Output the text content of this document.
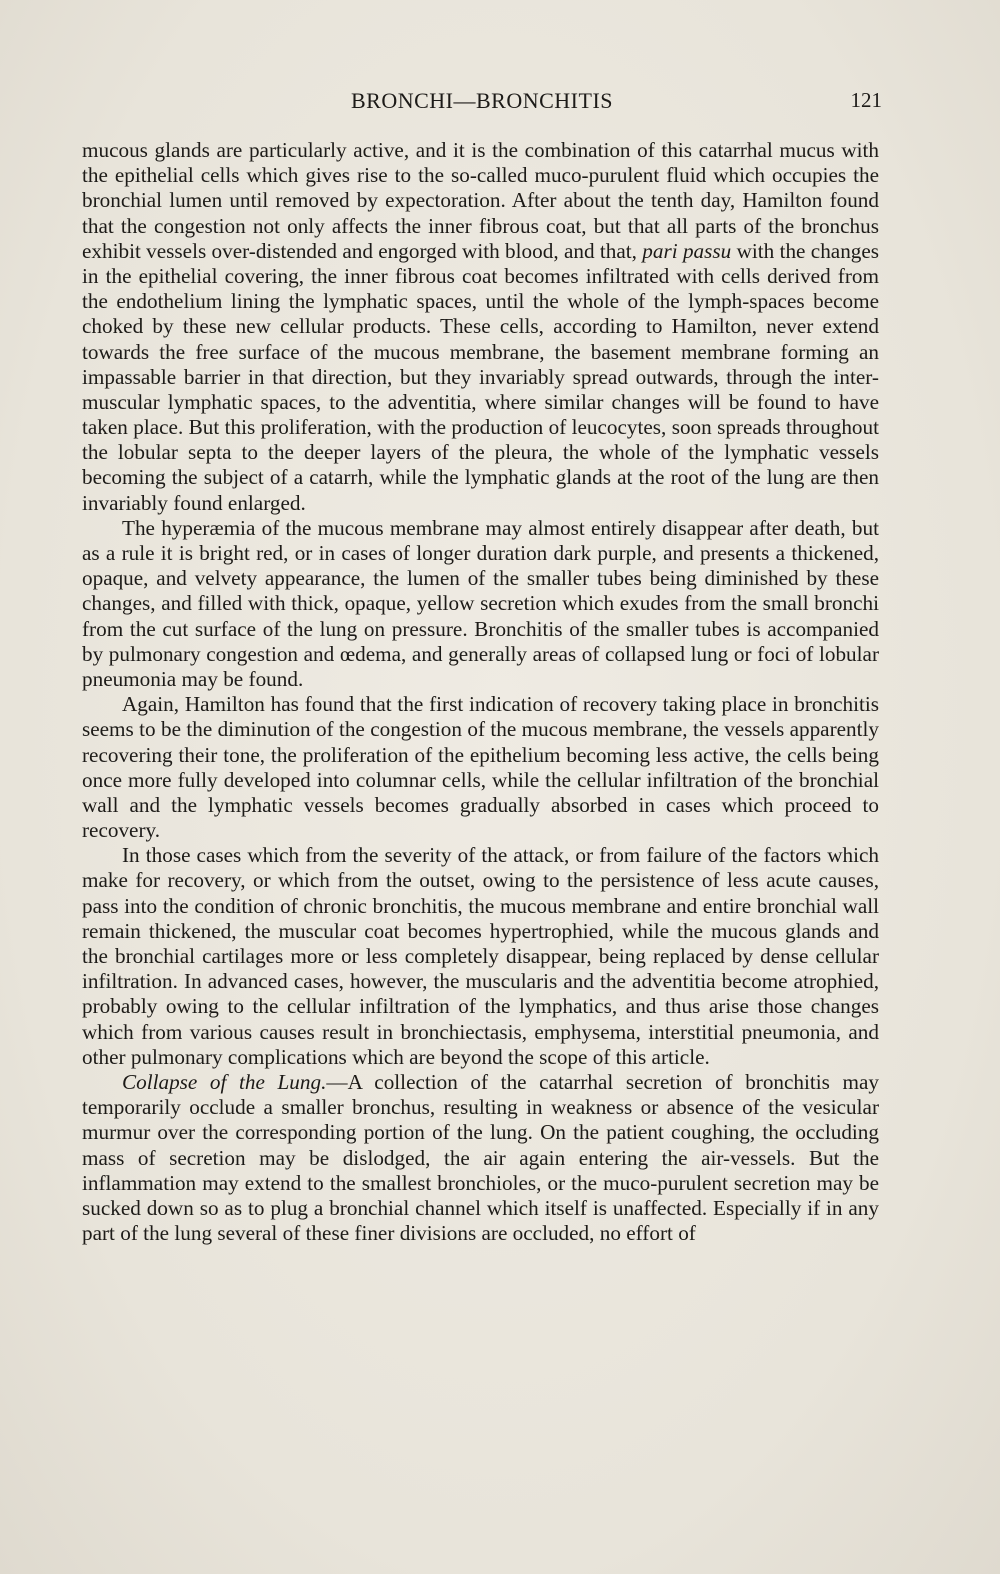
BRONCHI—BRONCHITIS	121

mucous glands are particularly active, and it is the combination of this catarrhal mucus with the epithelial cells which gives rise to the so-called muco-purulent fluid which occupies the bronchial lumen until removed by expectoration. After about the tenth day, Hamilton found that the congestion not only affects the inner fibrous coat, but that all parts of the bronchus exhibit vessels over-distended and engorged with blood, and that, pari passu with the changes in the epithelial covering, the inner fibrous coat becomes infiltrated with cells derived from the endothelium lining the lymphatic spaces, until the whole of the lymph-spaces become choked by these new cellular products. These cells, according to Hamilton, never extend towards the free surface of the mucous membrane, the basement membrane forming an impassable barrier in that direction, but they invariably spread outwards, through the inter-muscular lymphatic spaces, to the adventitia, where similar changes will be found to have taken place. But this proliferation, with the production of leucocytes, soon spreads throughout the lobular septa to the deeper layers of the pleura, the whole of the lymphatic vessels becoming the subject of a catarrh, while the lymphatic glands at the root of the lung are then invariably found enlarged.

The hyperæmia of the mucous membrane may almost entirely disappear after death, but as a rule it is bright red, or in cases of longer duration dark purple, and presents a thickened, opaque, and velvety appearance, the lumen of the smaller tubes being diminished by these changes, and filled with thick, opaque, yellow secretion which exudes from the small bronchi from the cut surface of the lung on pressure. Bronchitis of the smaller tubes is accompanied by pulmonary congestion and œdema, and generally areas of collapsed lung or foci of lobular pneumonia may be found.

Again, Hamilton has found that the first indication of recovery taking place in bronchitis seems to be the diminution of the congestion of the mucous membrane, the vessels apparently recovering their tone, the proliferation of the epithelium becoming less active, the cells being once more fully developed into columnar cells, while the cellular infiltration of the bronchial wall and the lymphatic vessels becomes gradually absorbed in cases which proceed to recovery.

In those cases which from the severity of the attack, or from failure of the factors which make for recovery, or which from the outset, owing to the persistence of less acute causes, pass into the condition of chronic bronchitis, the mucous membrane and entire bronchial wall remain thickened, the muscular coat becomes hypertrophied, while the mucous glands and the bronchial cartilages more or less completely disappear, being replaced by dense cellular infiltration. In advanced cases, however, the muscularis and the adventitia become atrophied, probably owing to the cellular infiltration of the lymphatics, and thus arise those changes which from various causes result in bronchiectasis, emphysema, interstitial pneumonia, and other pulmonary complications which are beyond the scope of this article.

Collapse of the Lung.—A collection of the catarrhal secretion of bronchitis may temporarily occlude a smaller bronchus, resulting in weakness or absence of the vesicular murmur over the corresponding portion of the lung. On the patient coughing, the occluding mass of secretion may be dislodged, the air again entering the air-vessels. But the inflammation may extend to the smallest bronchioles, or the muco-purulent secretion may be sucked down so as to plug a bronchial channel which itself is unaffected. Especially if in any part of the lung several of these finer divisions are occluded, no effort of
